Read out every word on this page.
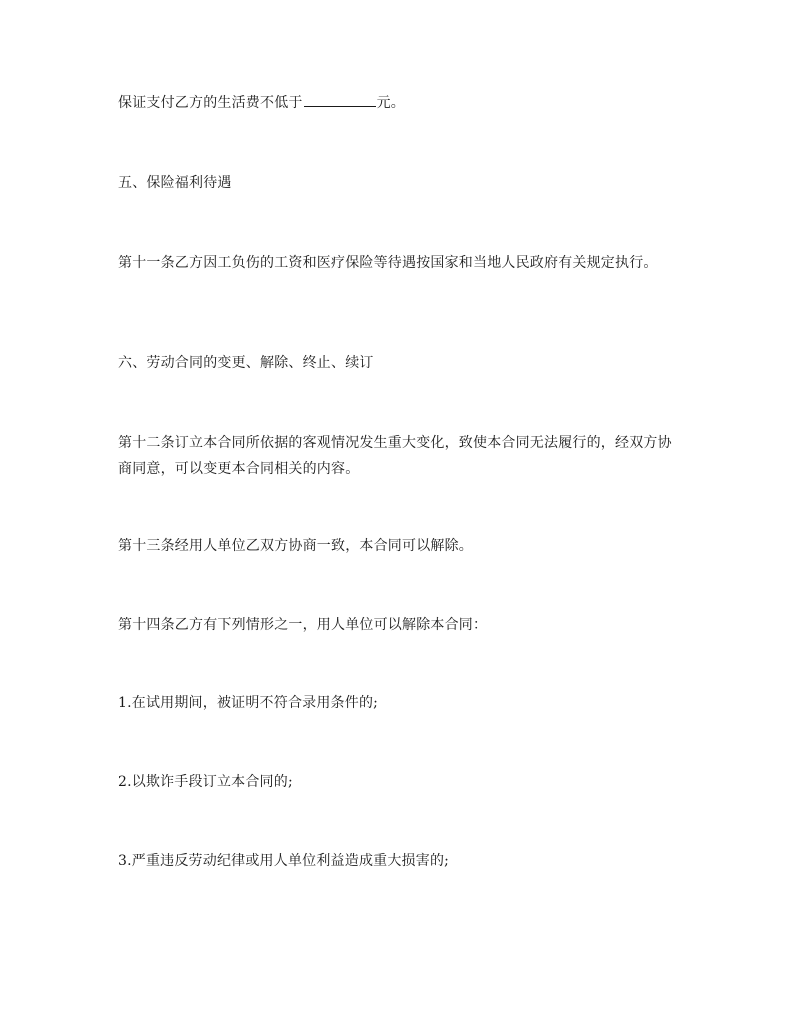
保证支付乙方的生活费不低于	元。

五、保险福利待遇

第十一条乙方因工负伤的工资和医疗保险等待遇按国家和当地人民政府有关规定执行。

六、劳动合同的变更、解除、终止、续订

第十二条订立本合同所依据的客观情况发生重大变化，致使本合同无法履行的，经双方协商同意，可以变更本合同相关的内容。

第十三条经用人单位乙双方协商一致，本合同可以解除。

第十四条乙方有下列情形之一，用人单位可以解除本合同：

1.在试用期间，被证明不符合录用条件的;

2.以欺诈手段订立本合同的;

3.严重违反劳动纪律或用人单位利益造成重大损害的;
